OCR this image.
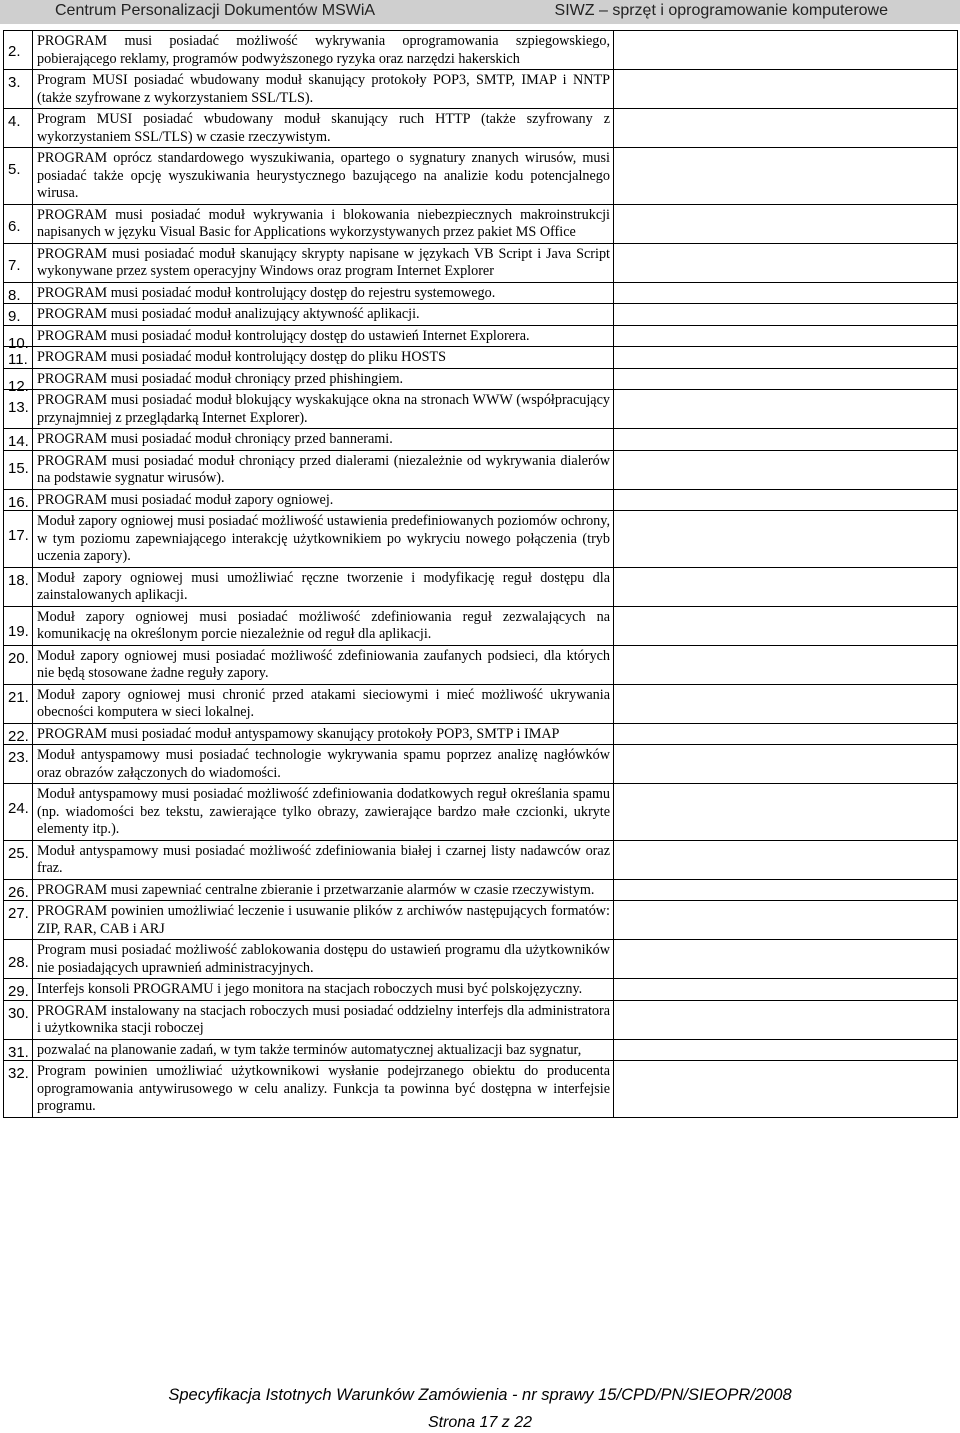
Centrum Personalizacji Dokumentów MSWiA	SIWZ – sprzęt i oprogramowanie komputerowe
2.	PROGRAM musi posiadać możliwość wykrywania oprogramowania szpiegowskiego, pobierającego reklamy, programów podwyższonego ryzyka oraz narzędzi hakerskich	

3.	Program MUSI posiadać wbudowany moduł skanujący protokoły POP3, SMTP, IMAP i NNTP (także szyfrowane z wykorzystaniem SSL/TLS).	

4.	Program MUSI posiadać wbudowany moduł skanujący ruch HTTP (także szyfrowany z wykorzystaniem SSL/TLS) w czasie rzeczywistym.	

5.	PROGRAM oprócz standardowego wyszukiwania, opartego o sygnatury znanych wirusów, musi posiadać także opcję wyszukiwania heurystycznego bazującego na analizie kodu potencjalnego wirusa.	

6.	PROGRAM musi posiadać moduł wykrywania i blokowania niebezpiecznych makroinstrukcji napisanych w języku Visual Basic for Applications wykorzystywanych przez pakiet MS Office	

7.	PROGRAM musi posiadać moduł skanujący skrypty napisane w językach VB Script i Java Script wykonywane przez system operacyjny Windows oraz program Internet Explorer	

8.	PROGRAM musi posiadać moduł kontrolujący dostęp do rejestru systemowego.	

9.	PROGRAM musi posiadać moduł analizujący aktywność aplikacji.	

10.	PROGRAM musi posiadać moduł kontrolujący dostęp do ustawień Internet Explorera.	

11.	PROGRAM musi posiadać moduł kontrolujący dostęp do pliku HOSTS	

12.	PROGRAM musi posiadać moduł chroniący przed phishingiem.	

13.	PROGRAM musi posiadać moduł blokujący wyskakujące okna na stronach WWW (współpracujący przynajmniej z przeglądarką Internet Explorer).	

14.	PROGRAM musi posiadać moduł chroniący przed bannerami.	

15.	PROGRAM musi posiadać moduł chroniący przed dialerami (niezależnie od wykrywania dialerów na podstawie sygnatur wirusów).	

16.	PROGRAM musi posiadać moduł zapory ogniowej.	

17.	Moduł zapory ogniowej musi posiadać możliwość ustawienia predefiniowanych poziomów ochrony, w tym poziomu zapewniającego interakcję użytkownikiem po wykryciu nowego połączenia (tryb uczenia zapory).	

18.	Moduł zapory ogniowej musi umożliwiać ręczne tworzenie i modyfikację reguł dostępu dla zainstalowanych aplikacji.	

19.	Moduł zapory ogniowej musi posiadać możliwość zdefiniowania reguł zezwalających na komunikację na określonym porcie niezależnie od reguł dla aplikacji.	

20.	Moduł zapory ogniowej musi posiadać możliwość zdefiniowania zaufanych podsieci, dla których nie będą stosowane żadne reguły zapory.	

21.	Moduł zapory ogniowej musi chronić przed atakami sieciowymi i mieć możliwość ukrywania obecności komputera w sieci lokalnej.	

22.	PROGRAM musi posiadać moduł antyspamowy skanujący protokoły POP3, SMTP i IMAP	

23.	Moduł antyspamowy musi posiadać technologie wykrywania spamu poprzez analizę nagłówków oraz obrazów załączonych do wiadomości.	

24.	Moduł antyspamowy musi posiadać możliwość zdefiniowania dodatkowych reguł określania spamu (np. wiadomości bez tekstu, zawierające tylko obrazy, zawierające bardzo małe czcionki, ukryte elementy itp.).	

25.	Moduł antyspamowy musi posiadać możliwość zdefiniowania białej i czarnej listy nadawców oraz fraz.	

26.	PROGRAM musi zapewniać centralne zbieranie i przetwarzanie alarmów w czasie rzeczywistym.	

27.	PROGRAM powinien umożliwiać leczenie i usuwanie plików z archiwów następujących formatów: ZIP, RAR, CAB i ARJ	

28.	Program musi posiadać możliwość zablokowania dostępu do ustawień programu dla użytkowników nie posiadających uprawnień administracyjnych.	

29.	Interfejs konsoli PROGRAMU i jego monitora na stacjach roboczych musi być polskojęzyczny.	

30.	PROGRAM instalowany na stacjach roboczych musi posiadać oddzielny interfejs dla administratora i użytkownika stacji roboczej	

31.	pozwalać na planowanie zadań, w tym także terminów automatycznej aktualizacji baz sygnatur,	

32.	Program powinien umożliwiać użytkownikowi wysłanie podejrzanego obiektu do producenta oprogramowania antywirusowego w celu analizy. Funkcja ta powinna być dostępna w interfejsie programu.	
Specyfikacja Istotnych Warunków Zamówienia - nr sprawy 15/CPD/PN/SIEOPR/2008
Strona 17 z 22
